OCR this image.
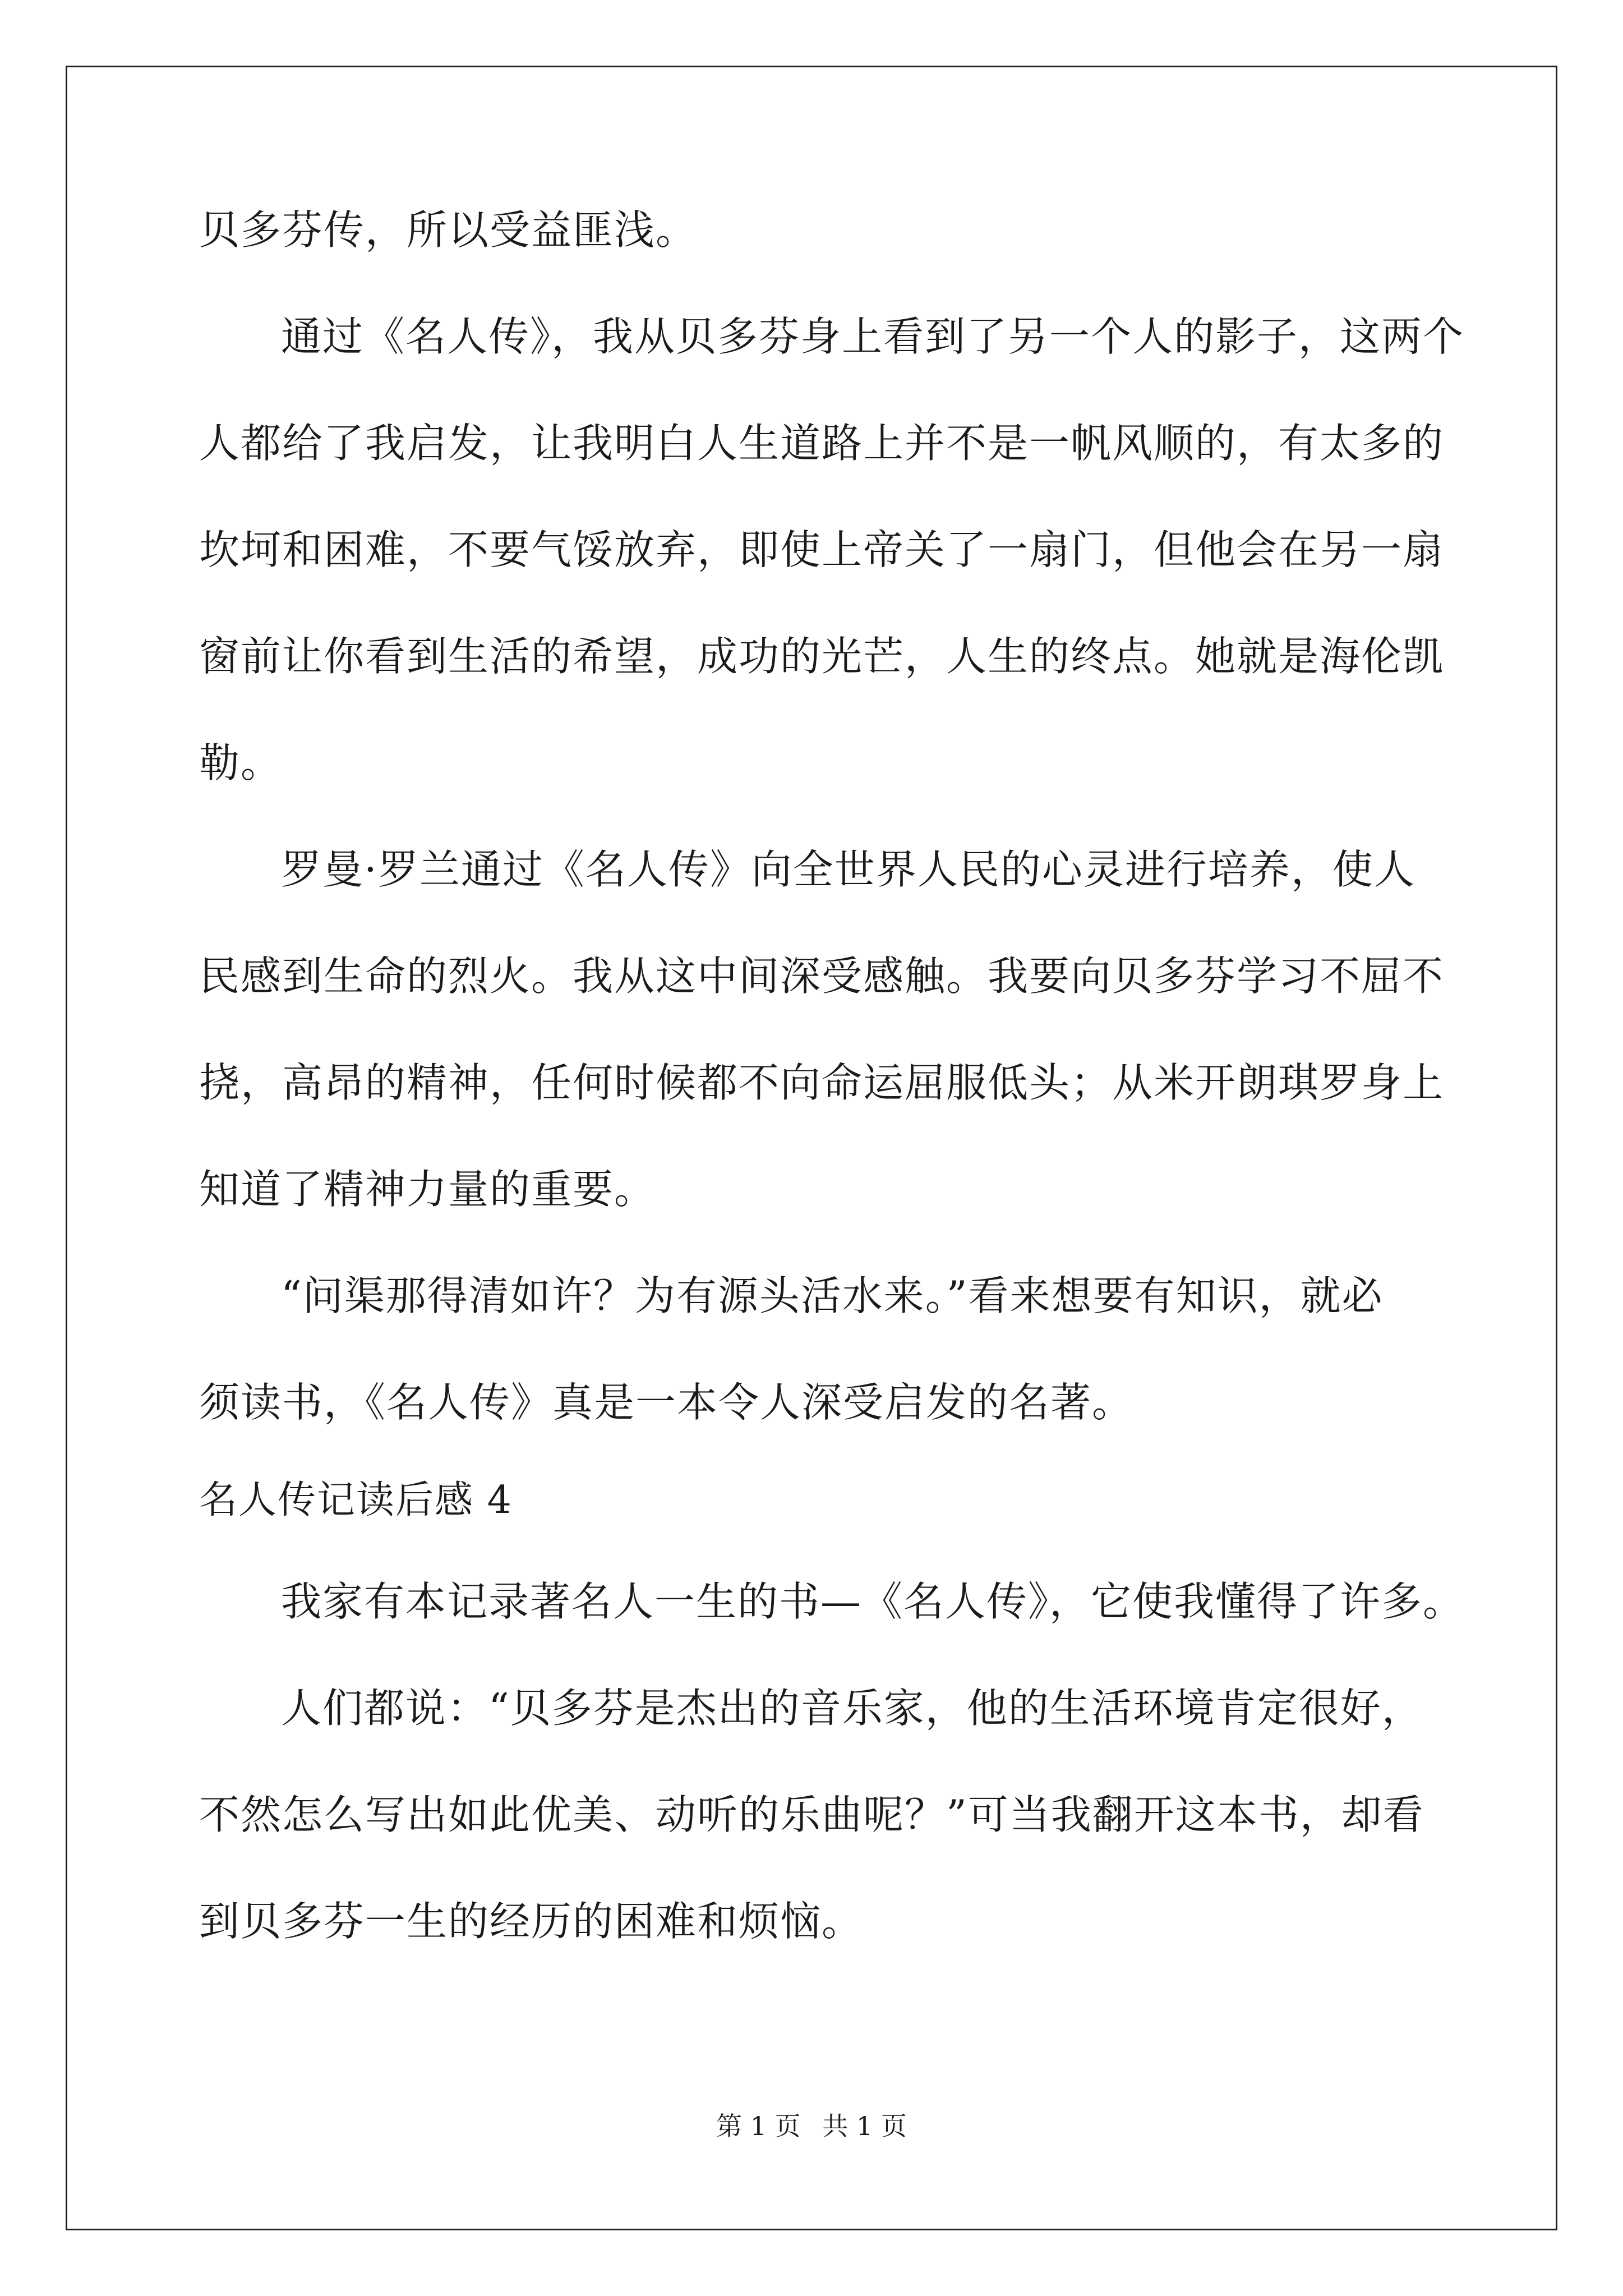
贝多芬传，所以受益匪浅。
通过《名人传》，我从贝多芬身上看到了另一个人的影子，这两个
人都给了我启发，让我明白人生道路上并不是一帆风顺的，有太多的
坎坷和困难，不要气馁放弃，即使上帝关了一扇门，但他会在另一扇
窗前让你看到生活的希望，成功的光芒，人生的终点。她就是海伦凯
勒。
罗曼·罗兰通过《名人传》向全世界人民的心灵进行培养，使人
民感到生命的烈火。我从这中间深受感触。我要向贝多芬学习不屈不
挠，高昂的精神，任何时候都不向命运屈服低头；从米开朗琪罗身上
知道了精神力量的重要。
“问渠那得清如许？为有源头活水来。”看来想要有知识，就必
须读书，《名人传》真是一本令人深受启发的名著。
名人传记读后感 4
我家有本记录著名人一生的书—《名人传》，它使我懂得了许多。
人们都说：“贝多芬是杰出的音乐家，他的生活环境肯定很好，
不然怎么写出如此优美、动听的乐曲呢？”可当我翻开这本书，却看
到贝多芬一生的经历的困难和烦恼。
第 1 页 共 1 页
